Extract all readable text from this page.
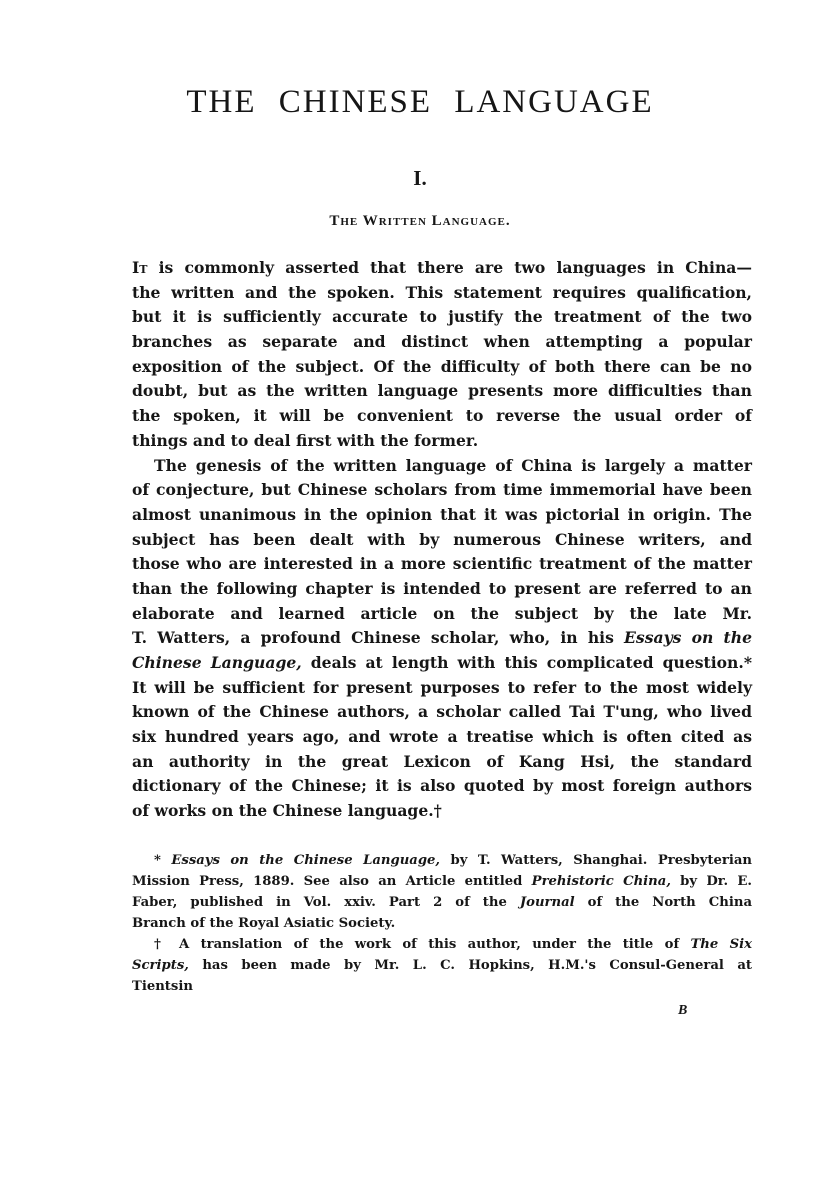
THE CHINESE LANGUAGE
I.
The Written Language.
It is commonly asserted that there are two languages in China—
the written and the spoken. This statement requires qualification,
but it is sufficiently accurate to justify the treatment of the two
branches as separate and distinct when attempting a popular
exposition of the subject. Of the difficulty of both there can be no
doubt, but as the written language presents more difficulties than
the spoken, it will be convenient to reverse the usual order of
things and to deal first with the former.
The genesis of the written language of China is largely a matter
of conjecture, but Chinese scholars from time immemorial have been
almost unanimous in the opinion that it was pictorial in origin. The
subject has been dealt with by numerous Chinese writers, and
those who are interested in a more scientific treatment of the matter
than the following chapter is intended to present are referred to an
elaborate and learned article on the subject by the late Mr.
T. Watters, a profound Chinese scholar, who, in his Essays on the
Chinese Language, deals at length with this complicated question.*
It will be sufficient for present purposes to refer to the most widely
known of the Chinese authors, a scholar called Tai T'ung, who lived
six hundred years ago, and wrote a treatise which is often cited as
an authority in the great Lexicon of Kang Hsi, the standard
dictionary of the Chinese; it is also quoted by most foreign authors
of works on the Chinese language.†
* Essays on the Chinese Language, by T. Watters, Shanghai. Presbyterian
Mission Press, 1889. See also an Article entitled Prehistoric China, by Dr. E.
Faber, published in Vol. xxiv. Part 2 of the Journal of the North China
Branch of the Royal Asiatic Society.
† A translation of the work of this author, under the title of The Six
Scripts, has been made by Mr. L. C. Hopkins, H.M.'s Consul-General at
Tientsin
B
